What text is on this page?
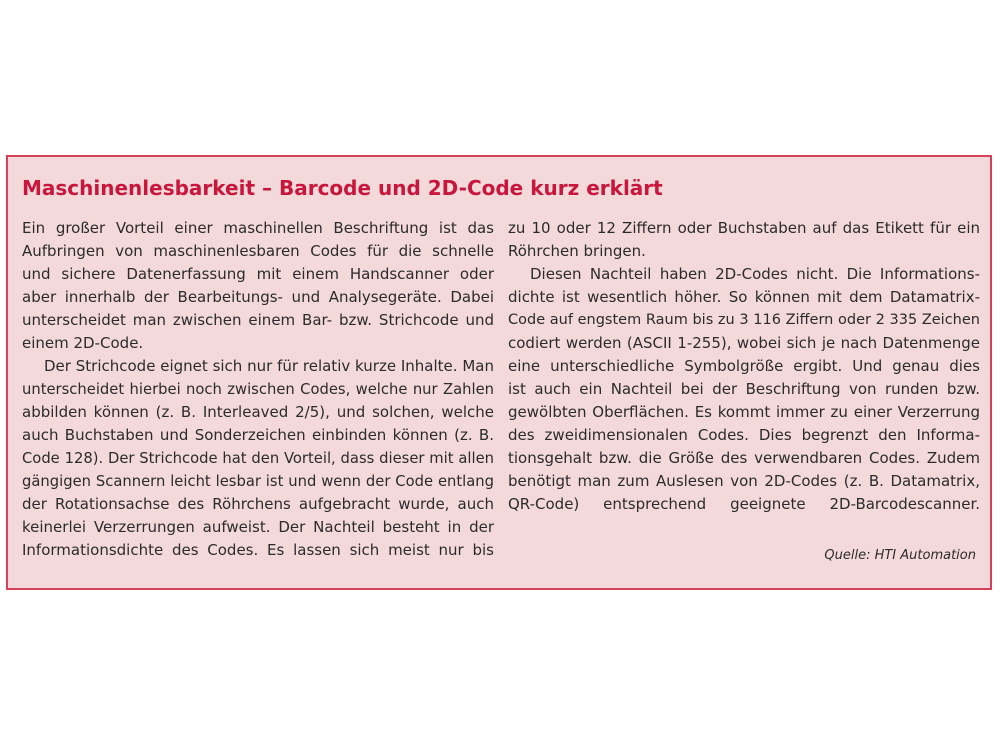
Maschinenlesbarkeit – Barcode und 2D-Code kurz erklärt
Ein großer Vorteil einer maschinellen Beschriftung ist das
Aufbringen von maschinenlesbaren Codes für die schnelle
und sichere Datenerfassung mit einem Handscanner oder
aber innerhalb der Bearbeitungs- und Analysegeräte. Dabei
unterscheidet man zwischen einem Bar- bzw. Strichcode und
einem 2D-Code.
Der Strichcode eignet sich nur für relativ kurze Inhalte. Man
unterscheidet hierbei noch zwischen Codes, welche nur Zahlen
abbilden können (z. B. Interleaved 2/5), und solchen, welche
auch Buchstaben und Sonderzeichen einbinden können (z. B.
Code 128). Der Strichcode hat den Vorteil, dass dieser mit allen
gängigen Scannern leicht lesbar ist und wenn der Code entlang
der Rotationsachse des Röhrchens aufgebracht wurde, auch
keinerlei Verzerrungen aufweist. Der Nachteil besteht in der
Informationsdichte des Codes. Es lassen sich meist nur bis
zu 10 oder 12 Ziffern oder Buchstaben auf das Etikett für ein
Röhrchen bringen.
Diesen Nachteil haben 2D-Codes nicht. Die Informations-
dichte ist wesentlich höher. So können mit dem Datamatrix-
Code auf engstem Raum bis zu 3 116 Ziffern oder 2 335 Zeichen
codiert werden (ASCII 1-255), wobei sich je nach Datenmenge
eine unterschiedliche Symbolgröße ergibt. Und genau dies
ist auch ein Nachteil bei der Beschriftung von runden bzw.
gewölbten Oberflächen. Es kommt immer zu einer Verzerrung
des zweidimensionalen Codes. Dies begrenzt den Informa-
tionsgehalt bzw. die Größe des verwendbaren Codes. Zudem
benötigt man zum Auslesen von 2D-Codes (z. B. Datamatrix,
QR-Code) entsprechend geeignete 2D-Barcodescanner.
Quelle: HTI Automation
